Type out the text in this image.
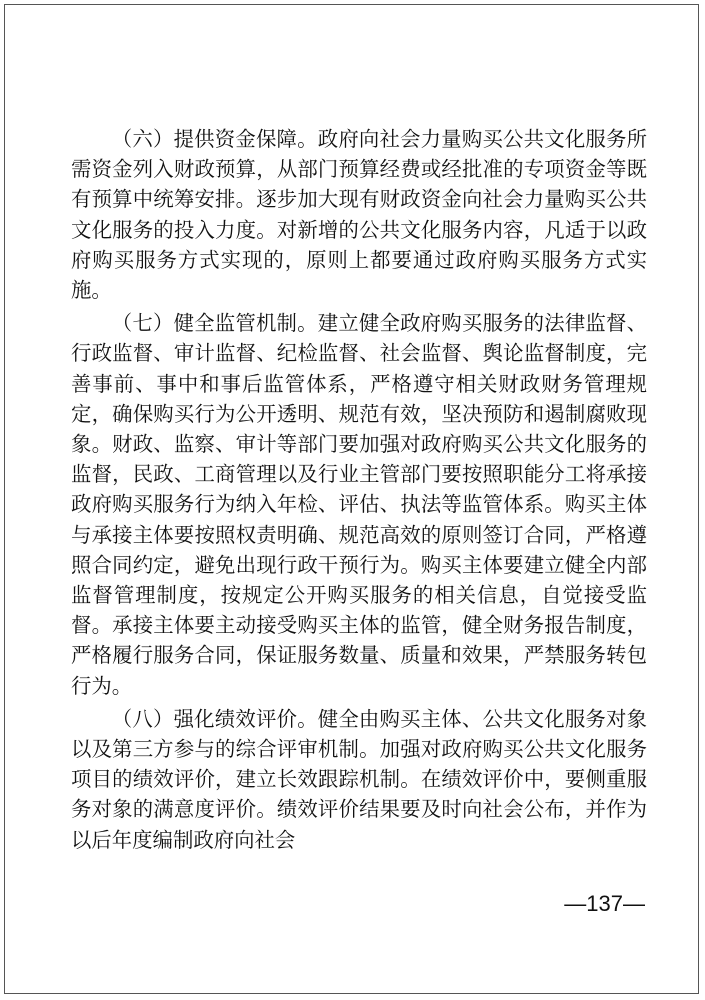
（六）提供资金保障。政府向社会力量购买公共文化服务所需资金列入财政预算，从部门预算经费或经批准的专项资金等既有预算中统筹安排。逐步加大现有财政资金向社会力量购买公共文化服务的投入力度。对新增的公共文化服务内容，凡适于以政府购买服务方式实现的，原则上都要通过政府购买服务方式实施。

（七）健全监管机制。建立健全政府购买服务的法律监督、行政监督、审计监督、纪检监督、社会监督、舆论监督制度，完善事前、事中和事后监管体系，严格遵守相关财政财务管理规定，确保购买行为公开透明、规范有效，坚决预防和遏制腐败现象。财政、监察、审计等部门要加强对政府购买公共文化服务的监督，民政、工商管理以及行业主管部门要按照职能分工将承接政府购买服务行为纳入年检、评估、执法等监管体系。购买主体与承接主体要按照权责明确、规范高效的原则签订合同，严格遵照合同约定，避免出现行政干预行为。购买主体要建立健全内部监督管理制度，按规定公开购买服务的相关信息，自觉接受监督。承接主体要主动接受购买主体的监管，健全财务报告制度，严格履行服务合同，保证服务数量、质量和效果，严禁服务转包行为。

（八）强化绩效评价。健全由购买主体、公共文化服务对象以及第三方参与的综合评审机制。加强对政府购买公共文化服务项目的绩效评价，建立长效跟踪机制。在绩效评价中，要侧重服务对象的满意度评价。绩效评价结果要及时向社会公布，并作为以后年度编制政府向社会

—137—
